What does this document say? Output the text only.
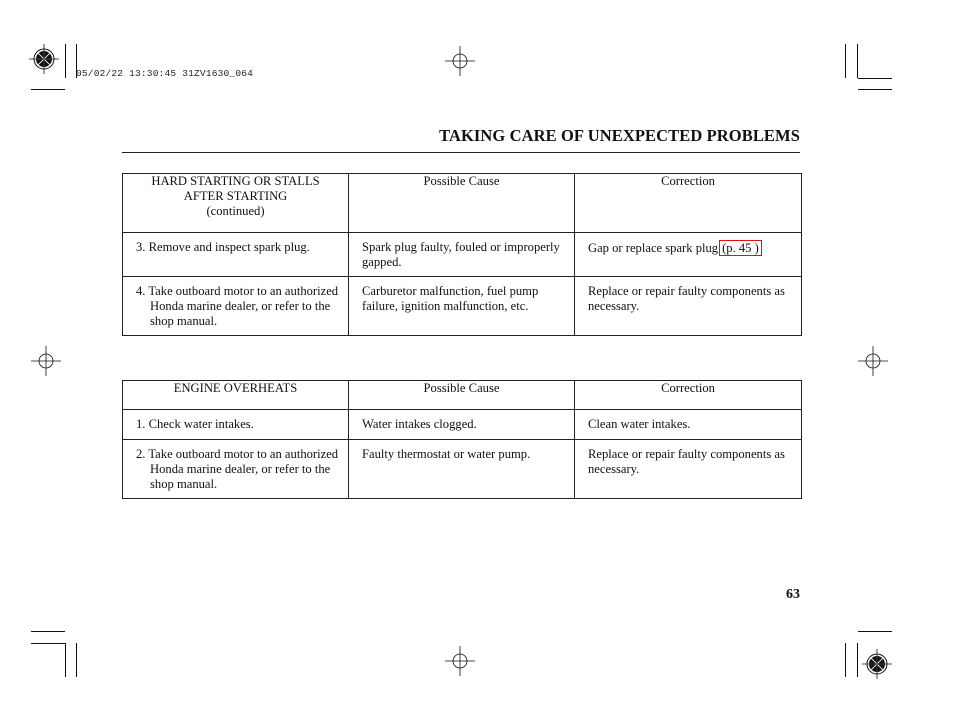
05/02/22 13:30:45 31ZV1630_064
TAKING CARE OF UNEXPECTED PROBLEMS
HARD STARTING OR STALLS
AFTER STARTING
(continued)	Possible Cause	Correction

3. Remove and inspect spark plug.	Spark plug faulty, fouled or improperly gapped.	Gap or replace spark plug (p. 45 )

4. Take outboard motor to an authorized Honda marine dealer, or refer to the shop manual.	Carburetor malfunction, fuel pump failure, ignition malfunction, etc.	Replace or repair faulty components as necessary.
ENGINE OVERHEATS	Possible Cause	Correction

1. Check water intakes.	Water intakes clogged.	Clean water intakes.

2. Take outboard motor to an authorized Honda marine dealer, or refer to the shop manual.	Faulty thermostat or water pump.	Replace or repair faulty components as necessary.
63
